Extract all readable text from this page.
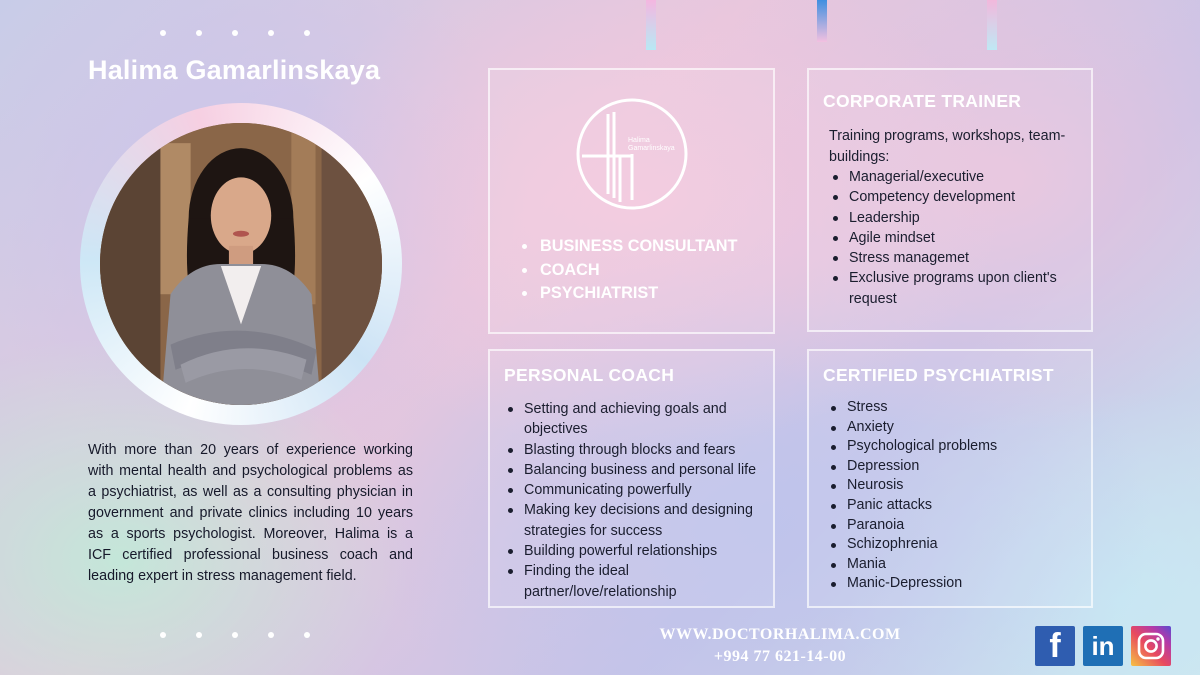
Halima Gamarlinskaya

With more than 20 years of experience working with mental health and psychological problems as a psychiatrist, as well as a consulting physician in government and private clinics including 10 years as a sports psychologist. Moreover, Halima is a ICF certified professional business coach and leading expert in stress management field.

Halima
Gamarlinskaya
BUSINESS CONSULTANT
COACH
PSYCHIATRIST
CORPORATE TRAINER

Training programs, workshops, team-buildings:

Managerial/executive
Competency development
Leadership
Agile mindset
Stress managemet
Exclusive programs upon client's request
PERSONAL COACH
Setting and achieving goals and objectives
Blasting through blocks and fears
Balancing business and personal life
Communicating powerfully
Making key decisions and designing strategies for success
Building powerful relationships
Finding the ideal partner/love/relationship
CERTIFIED PSYCHIATRIST
Stress
Anxiety
Psychological problems
Depression
Neurosis
Panic attacks
Paranoia
Schizophrenia
Mania
Manic-Depression
WWW.DOCTORHALIMA.COM
+994 77 621-14-00	f in
